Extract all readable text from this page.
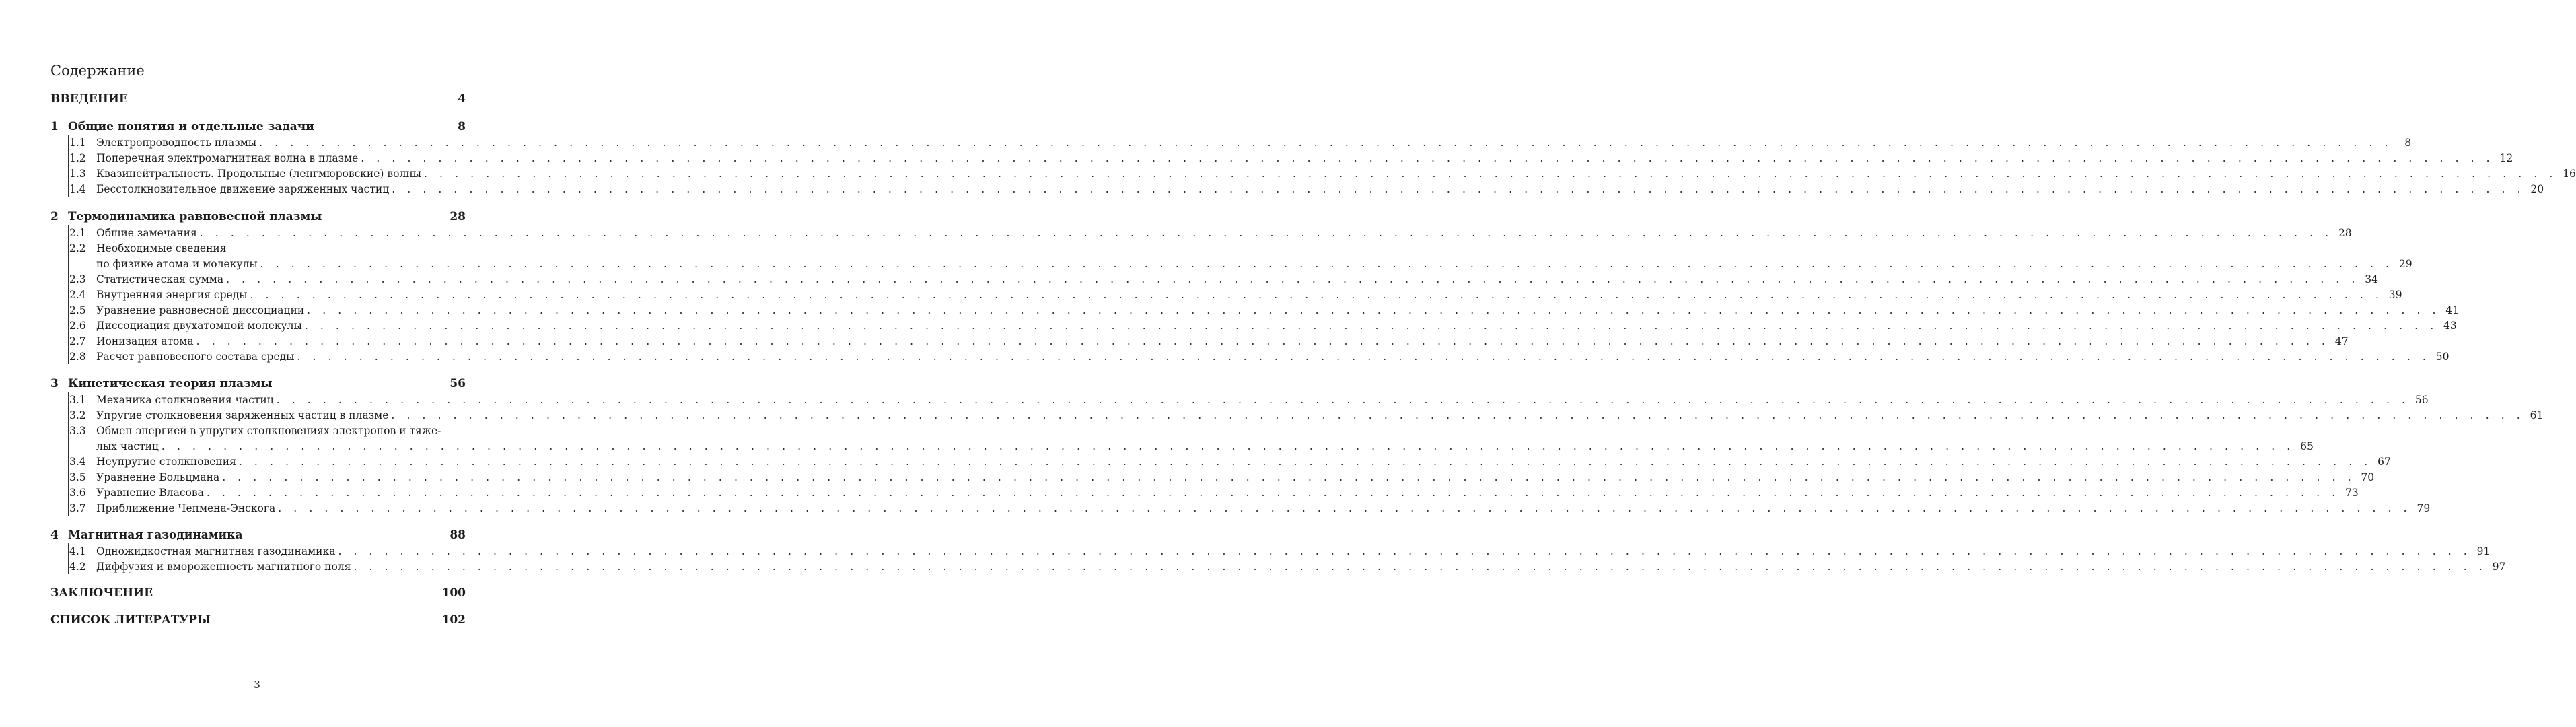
Содержание
ВВЕДЕНИЕ	4
1 Общие понятия и отдельные задачи	8
1.1 Электропроводность плазмы . . . . . . . . . . . . . . . . . . . . . . . . . . . . . . . . . . . . . . . . . . . . . . . . . . . . . . . . . . . . . . . . . . . . . . . . . . . . . . . . . . . . . . . . . . . . . . . . . . . . . . . . . . . . . . . . . . . . . . . . . . . . . . . . . . . . . . . . . .	8
1.2 Поперечная электромагнитная волна в плазме . . . . . . . . . . . . . . . . . . . . . . . . . . . . . . . . . . . . . . . . . . . . . . . . . . . . . . . . . . . . . . . . . . . . . . . . . . . . . . . . . . . . . . . . . . . . . . . . . . . . . . . . . . . . . . . . . . . . . . . . . . . . . . . . . . . . . . . . . . 12
1.3 Квазинейтральность. Продольные (ленгмюровские) волны . . . . . . . . . . . . . . . . . . . . . . . . . . . . . . . . . . . . . . . . . . . . . . . . . . . . . . . . . . . . . . . . . . . . . . . . . . . . . . . . . . . . . . . . . . . . . . . . . . . . . . . . . . . . . . . . . . . . . . . . . . . . . . . . . . . . . . . . . . 16
1.4 Бесстолкновительное движение заряженных частиц . . . . . . . . . . . . . . . . . . . . . . . . . . . . . . . . . . . . . . . . . . . . . . . . . . . . . . . . . . . . . . . . . . . . . . . . . . . . . . . . . . . . . . . . . . . . . . . . . . . . . . . . . . . . . . . . . . . . . . . . . . . . . . . . . . . . . . . . . . 20
2 Термодинамика равновесной плазмы	28
2.1 Общие замечания . . . . . . . . . . . . . . . . . . . . . . . . . . . . . . . . . . . . . . . . . . . . . . . . . . . . . . . . . . . . . . . . . . . . . . . . . . . . . . . . . . . . . . . . . . . . . . . . . . . . . . . . . . . . . . . . . . . . . . . . . . . . . . . . . . . . . . . . . . 28
2.2 Необходимые сведения
по физике атома и молекулы . . . . . . . . . . . . . . . . . . . . . . . . . . . . . . . . . . . . . . . . . . . . . . . . . . . . . . . . . . . . . . . . . . . . . . . . . . . . . . . . . . . . . . . . . . . . . . . . . . . . . . . . . . . . . . . . . . . . . . . . . . . . . . . . . . . . . . . . . . 29
2.3 Статистическая сумма . . . . . . . . . . . . . . . . . . . . . . . . . . . . . . . . . . . . . . . . . . . . . . . . . . . . . . . . . . . . . . . . . . . . . . . . . . . . . . . . . . . . . . . . . . . . . . . . . . . . . . . . . . . . . . . . . . . . . . . . . . . . . . . . . . . . . . . . . . 34
2.4 Внутренняя энергия среды . . . . . . . . . . . . . . . . . . . . . . . . . . . . . . . . . . . . . . . . . . . . . . . . . . . . . . . . . . . . . . . . . . . . . . . . . . . . . . . . . . . . . . . . . . . . . . . . . . . . . . . . . . . . . . . . . . . . . . . . . . . . . . . . . . . . . . . . . . 39
2.5 Уравнение равновесной диссоциации . . . . . . . . . . . . . . . . . . . . . . . . . . . . . . . . . . . . . . . . . . . . . . . . . . . . . . . . . . . . . . . . . . . . . . . . . . . . . . . . . . . . . . . . . . . . . . . . . . . . . . . . . . . . . . . . . . . . . . . . . . . . . . . . . . . . . . . . . . 41
2.6 Диссоциация двухатомной молекулы . . . . . . . . . . . . . . . . . . . . . . . . . . . . . . . . . . . . . . . . . . . . . . . . . . . . . . . . . . . . . . . . . . . . . . . . . . . . . . . . . . . . . . . . . . . . . . . . . . . . . . . . . . . . . . . . . . . . . . . . . . . . . . . . . . . . . . . . . . 43
2.7 Ионизация атома . . . . . . . . . . . . . . . . . . . . . . . . . . . . . . . . . . . . . . . . . . . . . . . . . . . . . . . . . . . . . . . . . . . . . . . . . . . . . . . . . . . . . . . . . . . . . . . . . . . . . . . . . . . . . . . . . . . . . . . . . . . . . . . . . . . . . . . . . . 47
2.8 Расчет равновесного состава среды . . . . . . . . . . . . . . . . . . . . . . . . . . . . . . . . . . . . . . . . . . . . . . . . . . . . . . . . . . . . . . . . . . . . . . . . . . . . . . . . . . . . . . . . . . . . . . . . . . . . . . . . . . . . . . . . . . . . . . . . . . . . . . . . . . . . . . . . . . 50
3 Кинетическая теория плазмы	56
3.1 Механика столкновения частиц . . . . . . . . . . . . . . . . . . . . . . . . . . . . . . . . . . . . . . . . . . . . . . . . . . . . . . . . . . . . . . . . . . . . . . . . . . . . . . . . . . . . . . . . . . . . . . . . . . . . . . . . . . . . . . . . . . . . . . . . . . . . . . . . . . . . . . . . . . 56
3.2 Упругие столкновения заряженных частиц в плазме . . . . . . . . . . . . . . . . . . . . . . . . . . . . . . . . . . . . . . . . . . . . . . . . . . . . . . . . . . . . . . . . . . . . . . . . . . . . . . . . . . . . . . . . . . . . . . . . . . . . . . . . . . . . . . . . . . . . . . . . . . . . . . . . . . . . . . . . . . 61
3.3 Обмен энергией в упругих столкновениях электронов и тяже-
лых частиц . . . . . . . . . . . . . . . . . . . . . . . . . . . . . . . . . . . . . . . . . . . . . . . . . . . . . . . . . . . . . . . . . . . . . . . . . . . . . . . . . . . . . . . . . . . . . . . . . . . . . . . . . . . . . . . . . . . . . . . . . . . . . . . . . . . . . . . . . . 65
3.4 Неупругие столкновения . . . . . . . . . . . . . . . . . . . . . . . . . . . . . . . . . . . . . . . . . . . . . . . . . . . . . . . . . . . . . . . . . . . . . . . . . . . . . . . . . . . . . . . . . . . . . . . . . . . . . . . . . . . . . . . . . . . . . . . . . . . . . . . . . . . . . . . . . . 67
3.5 Уравнение Больцмана . . . . . . . . . . . . . . . . . . . . . . . . . . . . . . . . . . . . . . . . . . . . . . . . . . . . . . . . . . . . . . . . . . . . . . . . . . . . . . . . . . . . . . . . . . . . . . . . . . . . . . . . . . . . . . . . . . . . . . . . . . . . . . . . . . . . . . . . . . 70
3.6 Уравнение Власова . . . . . . . . . . . . . . . . . . . . . . . . . . . . . . . . . . . . . . . . . . . . . . . . . . . . . . . . . . . . . . . . . . . . . . . . . . . . . . . . . . . . . . . . . . . . . . . . . . . . . . . . . . . . . . . . . . . . . . . . . . . . . . . . . . . . . . . . . . 73
3.7 Приближение Чепмена-Энскога . . . . . . . . . . . . . . . . . . . . . . . . . . . . . . . . . . . . . . . . . . . . . . . . . . . . . . . . . . . . . . . . . . . . . . . . . . . . . . . . . . . . . . . . . . . . . . . . . . . . . . . . . . . . . . . . . . . . . . . . . . . . . . . . . . . . . . . . . . 79
4 Магнитная газодинамика	88
4.1 Одножидкостная магнитная газодинамика . . . . . . . . . . . . . . . . . . . . . . . . . . . . . . . . . . . . . . . . . . . . . . . . . . . . . . . . . . . . . . . . . . . . . . . . . . . . . . . . . . . . . . . . . . . . . . . . . . . . . . . . . . . . . . . . . . . . . . . . . . . . . . . . . . . . . . . . . . 91
4.2 Диффузия и вмороженность магнитного поля . . . . . . . . . . . . . . . . . . . . . . . . . . . . . . . . . . . . . . . . . . . . . . . . . . . . . . . . . . . . . . . . . . . . . . . . . . . . . . . . . . . . . . . . . . . . . . . . . . . . . . . . . . . . . . . . . . . . . . . . . . . . . . . . . . . . . . . . . . 97
ЗАКЛЮЧЕНИЕ	100
СПИСОК ЛИТЕРАТУРЫ	102
3
